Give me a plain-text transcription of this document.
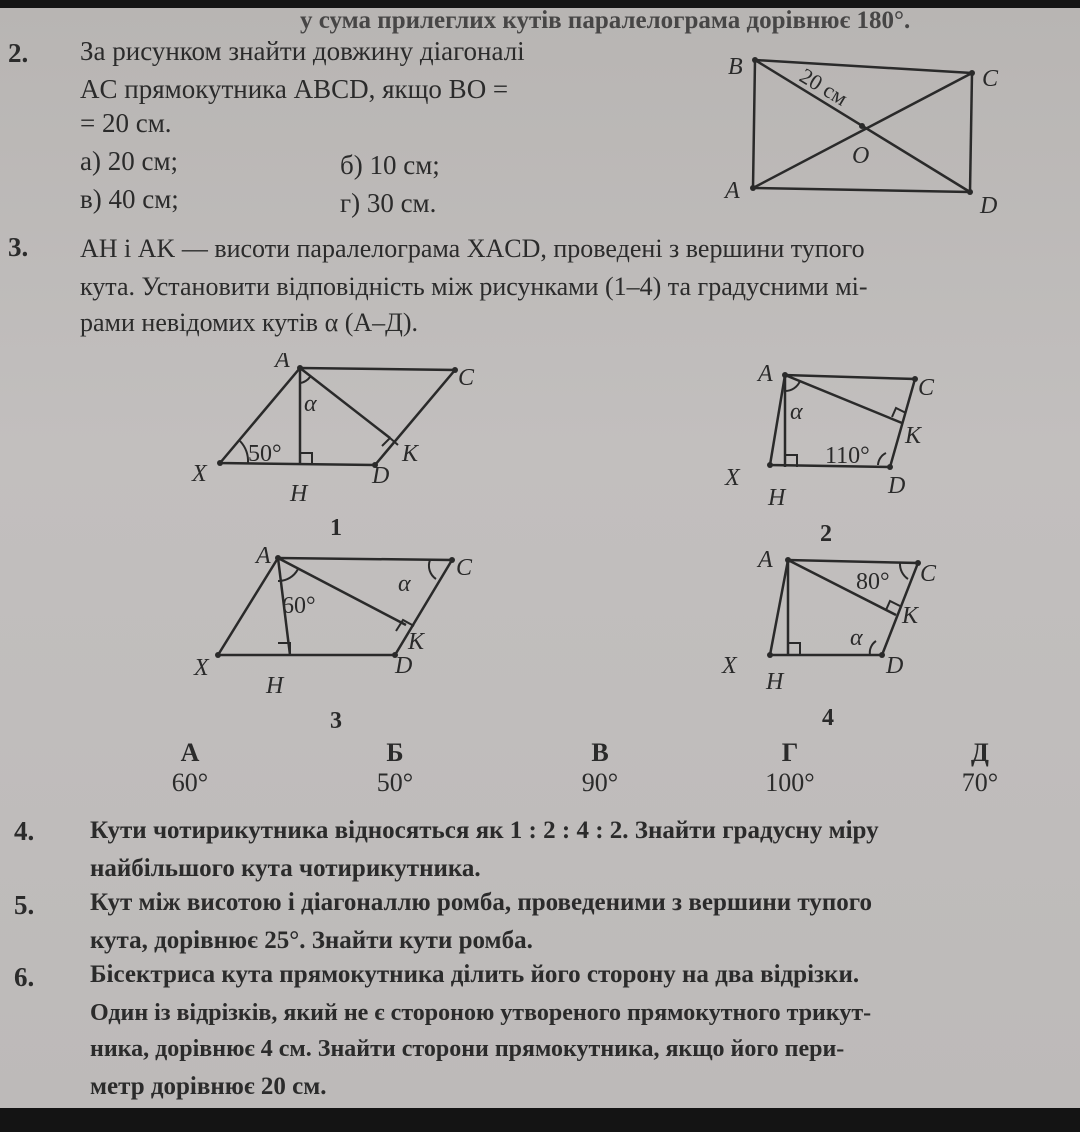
у сума прилеглих кутів паралелограма дорівнює 180°.
2. За рисунком знайти довжину діагоналі
AC прямокутника ABCD, якщо BO =
= 20 см.
а) 20 см;	б) 10 см;
в) 40 см;	г) 30 см.
B	C
A
D
O
20 см
3. AH і AK — висоти паралелограма XACD, проведені з вершини тупого
кута. Установити відповідність між рисунками (1–4) та градусними мі-
рами невідомих кутів α (А–Д).
A
C
X
H
D
K
α
50°
1
A
C
X
H	D
K
α
110°
2
A	C
X
H
D
K
α
60°
3
A
C
X
H
D
K
α
80°
4
А
60°
Б
50°
В
90°
Г
100°
Д
70°
4. Кути чотирикутника відносяться як 1 : 2 : 4 : 2. Знайти градусну міру
найбільшого кута чотирикутника.
5. Кут між висотою і діагоналлю ромба, проведеними з вершини тупого
кута, дорівнює 25°. Знайти кути ромба.
6. Бісектриса кута прямокутника ділить його сторону на два відрізки.
Один із відрізків, який не є стороною утвореного прямокутного трикут-
ника, дорівнює 4 см. Знайти сторони прямокутника, якщо його пери-
метр дорівнює 20 см.
